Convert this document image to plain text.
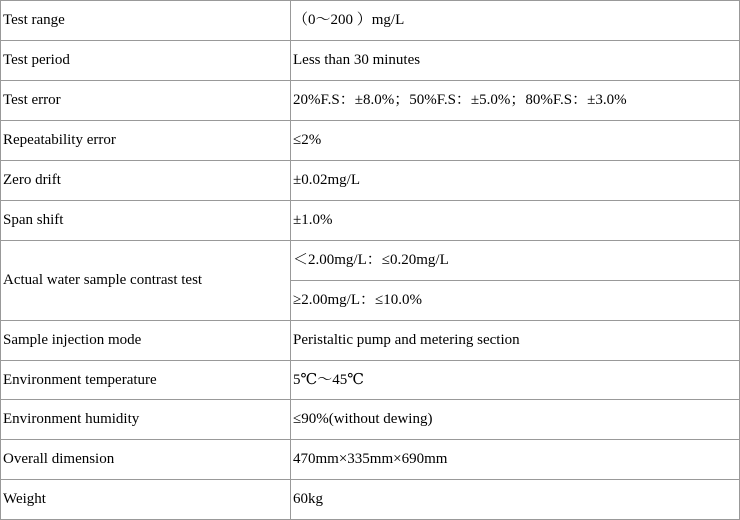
Test range	（0～200 ）mg/L
Test period	Less than 30 minutes
Test error	20%F.S：±8.0%；50%F.S：±5.0%；80%F.S：±3.0%
Repeatability error	≤2%
Zero drift	±0.02mg/L
Span shift	±1.0%
Actual water sample contrast test	＜2.00mg/L：≤0.20mg/L
	≥2.00mg/L：≤10.0%
Sample injection mode	Peristaltic pump and metering section
Environment temperature	5℃～45℃
Environment humidity	≤90%(without dewing)
Overall dimension	470mm×335mm×690mm
Weight	60kg
